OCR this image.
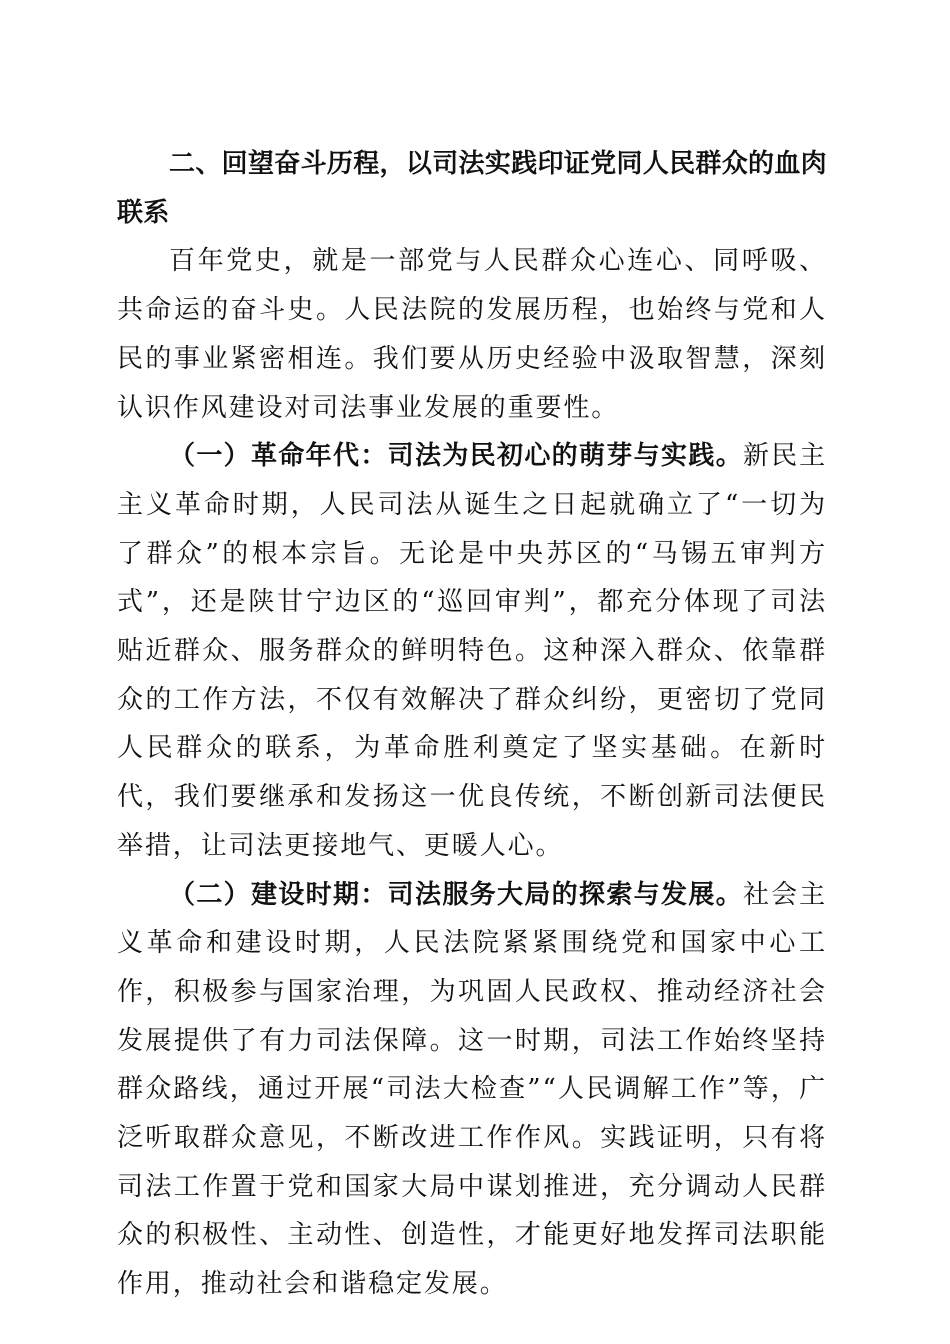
二、回望奋斗历程，以司法实践印证党同人民群众的血肉联系

百年党史，就是一部党与人民群众心连心、同呼吸、共命运的奋斗史。人民法院的发展历程，也始终与党和人民的事业紧密相连。我们要从历史经验中汲取智慧，深刻认识作风建设对司法事业发展的重要性。

（一）革命年代：司法为民初心的萌芽与实践。新民主主义革命时期，人民司法从诞生之日起就确立了“一切为了群众”的根本宗旨。无论是中央苏区的“马锡五审判方式”，还是陕甘宁边区的“巡回审判”，都充分体现了司法贴近群众、服务群众的鲜明特色。这种深入群众、依靠群众的工作方法，不仅有效解决了群众纠纷，更密切了党同人民群众的联系，为革命胜利奠定了坚实基础。在新时代，我们要继承和发扬这一优良传统，不断创新司法便民举措，让司法更接地气、更暖人心。

（二）建设时期：司法服务大局的探索与发展。社会主义革命和建设时期，人民法院紧紧围绕党和国家中心工作，积极参与国家治理，为巩固人民政权、推动经济社会发展提供了有力司法保障。这一时期，司法工作始终坚持群众路线，通过开展“司法大检查”“人民调解工作”等，广泛听取群众意见，不断改进工作作风。实践证明，只有将司法工作置于党和国家大局中谋划推进，充分调动人民群众的积极性、主动性、创造性，才能更好地发挥司法职能作用，推动社会和谐稳定发展。
